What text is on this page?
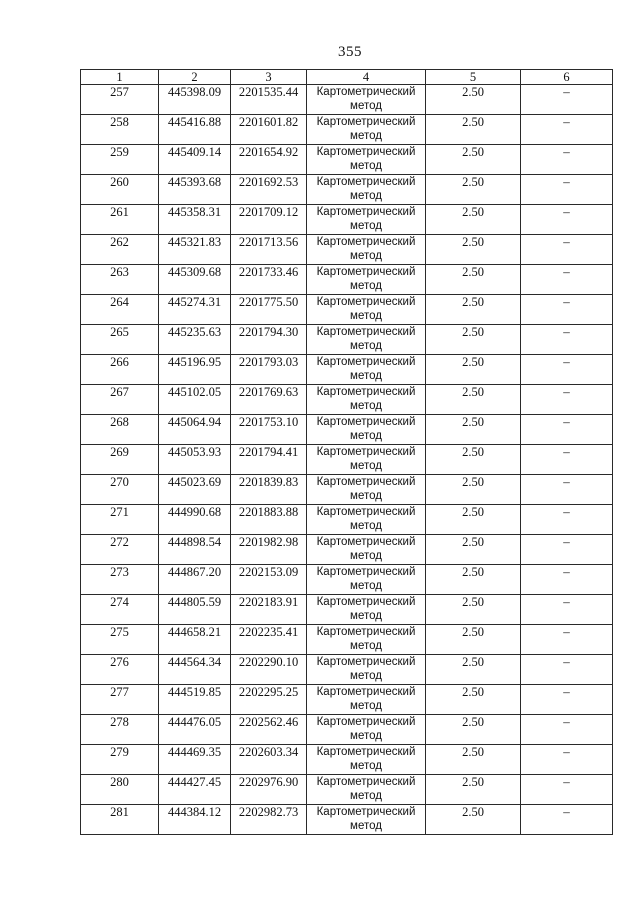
355
1	2	3	4	5	6
257	445398.09	2201535.44	Картометрический метод	2.50	–
258	445416.88	2201601.82	Картометрический метод	2.50	–
259	445409.14	2201654.92	Картометрический метод	2.50	–
260	445393.68	2201692.53	Картометрический метод	2.50	–
261	445358.31	2201709.12	Картометрический метод	2.50	–
262	445321.83	2201713.56	Картометрический метод	2.50	–
263	445309.68	2201733.46	Картометрический метод	2.50	–
264	445274.31	2201775.50	Картометрический метод	2.50	–
265	445235.63	2201794.30	Картометрический метод	2.50	–
266	445196.95	2201793.03	Картометрический метод	2.50	–
267	445102.05	2201769.63	Картометрический метод	2.50	–
268	445064.94	2201753.10	Картометрический метод	2.50	–
269	445053.93	2201794.41	Картометрический метод	2.50	–
270	445023.69	2201839.83	Картометрический метод	2.50	–
271	444990.68	2201883.88	Картометрический метод	2.50	–
272	444898.54	2201982.98	Картометрический метод	2.50	–
273	444867.20	2202153.09	Картометрический метод	2.50	–
274	444805.59	2202183.91	Картометрический метод	2.50	–
275	444658.21	2202235.41	Картометрический метод	2.50	–
276	444564.34	2202290.10	Картометрический метод	2.50	–
277	444519.85	2202295.25	Картометрический метод	2.50	–
278	444476.05	2202562.46	Картометрический метод	2.50	–
279	444469.35	2202603.34	Картометрический метод	2.50	–
280	444427.45	2202976.90	Картометрический метод	2.50	–
281	444384.12	2202982.73	Картометрический метод	2.50	–
